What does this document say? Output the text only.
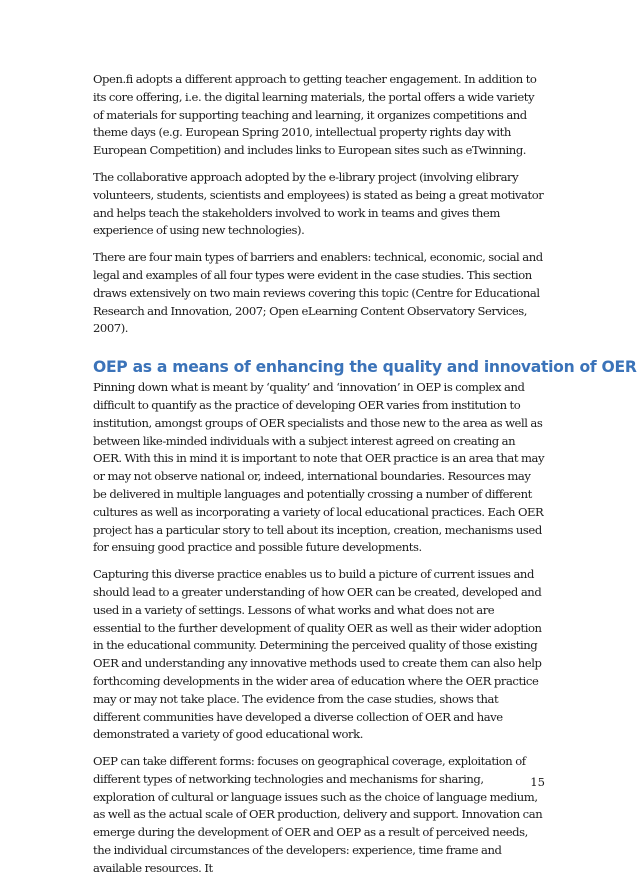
Open.fi adopts a different approach to getting teacher engagement. In addition to its core offering, i.e. the digital learning materials, the portal offers a wide variety of materials for supporting teaching and learning, it organizes competitions and theme days (e.g. European Spring 2010, intellectual property rights day with European Competition) and includes links to European sites such as eTwinning.

The collaborative approach adopted by the e-library project (involving elibrary volunteers, students, scientists and employees) is stated as being a great motivator and helps teach the stakeholders involved to work in teams and gives them experience of using new technologies).

There are four main types of barriers and enablers: technical, economic, social and legal and examples of all four types were evident in the case studies. This section draws extensively on two main reviews covering this topic (Centre for Educational Research and Innovation, 2007; Open eLearning Content Observatory Services, 2007).

OEP as a means of enhancing the quality and innovation of OER

Pinning down what is meant by ‘quality’ and ‘innovation’ in OEP is complex and difficult to quantify as the practice of developing OER varies from institution to institution, amongst groups of OER specialists and those new to the area as well as between like-minded individuals with a subject interest agreed on creating an OER. With this in mind it is important to note that OER practice is an area that may or may not observe national or, indeed, international boundaries. Resources may be delivered in multiple languages and potentially crossing a number of different cultures as well as incorporating a variety of local educational practices. Each OER project has a particular story to tell about its inception, creation, mechanisms used for ensuing good practice and possible future developments.

Capturing this diverse practice enables us to build a picture of current issues and should lead to a greater understanding of how OER can be created, developed and used in a variety of settings. Lessons of what works and what does not are essential to the further development of quality OER as well as their wider adoption in the educational community. Determining the perceived quality of those existing OER and understanding any innovative methods used to create them can also help forthcoming developments in the wider area of education where the OER practice may or may not take place. The evidence from the case studies, shows that different communities have developed a diverse collection of OER and have demonstrated a variety of good educational work.

OEP can take different forms: focuses on geographical coverage, exploitation of different types of networking technologies and mechanisms for sharing, exploration of cultural or language issues such as the choice of language medium, as well as the actual scale of OER production, delivery and support. Innovation can emerge during the development of OER and OEP as a result of perceived needs, the individual circumstances of the developers: experience, time frame and available resources. It

15
